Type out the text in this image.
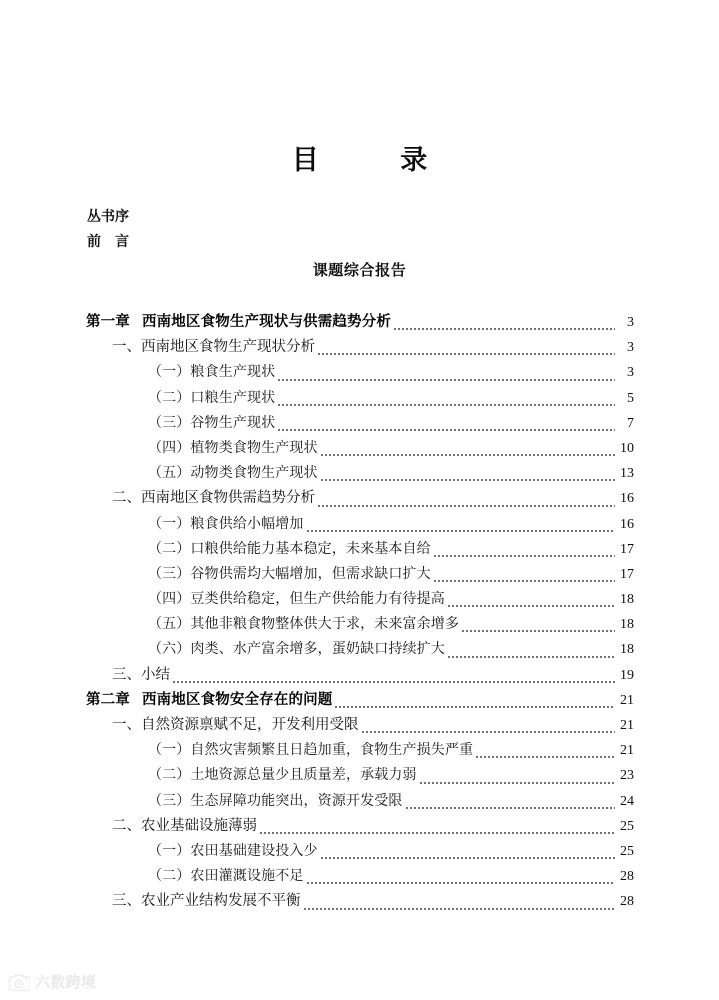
目　　录
丛书序
前　言
课题综合报告
第一章 西南地区食物生产现状与供需趋势分析	3
一、西南地区食物生产现状分析	3
（一）粮食生产现状	3
（二）口粮生产现状	5
（三）谷物生产现状	7
（四）植物类食物生产现状	10
（五）动物类食物生产现状	13
二、西南地区食物供需趋势分析	16
（一）粮食供给小幅增加	16
（二）口粮供给能力基本稳定，未来基本自给	17
（三）谷物供需均大幅增加，但需求缺口扩大	17
（四）豆类供给稳定，但生产供给能力有待提高	18
（五）其他非粮食物整体供大于求，未来富余增多	18
（六）肉类、水产富余增多，蛋奶缺口持续扩大	18
三、小结	19
第二章 西南地区食物安全存在的问题	21
一、自然资源禀赋不足，开发利用受限	21
（一）自然灾害频繁且日趋加重，食物生产损失严重	21
（二）土地资源总量少且质量差，承载力弱	23
（三）生态屏障功能突出，资源开发受限	24
二、农业基础设施薄弱	25
（一）农田基础建设投入少	25
（二）农田灌溉设施不足	28
三、农业产业结构发展不平衡	28
六数跨境
